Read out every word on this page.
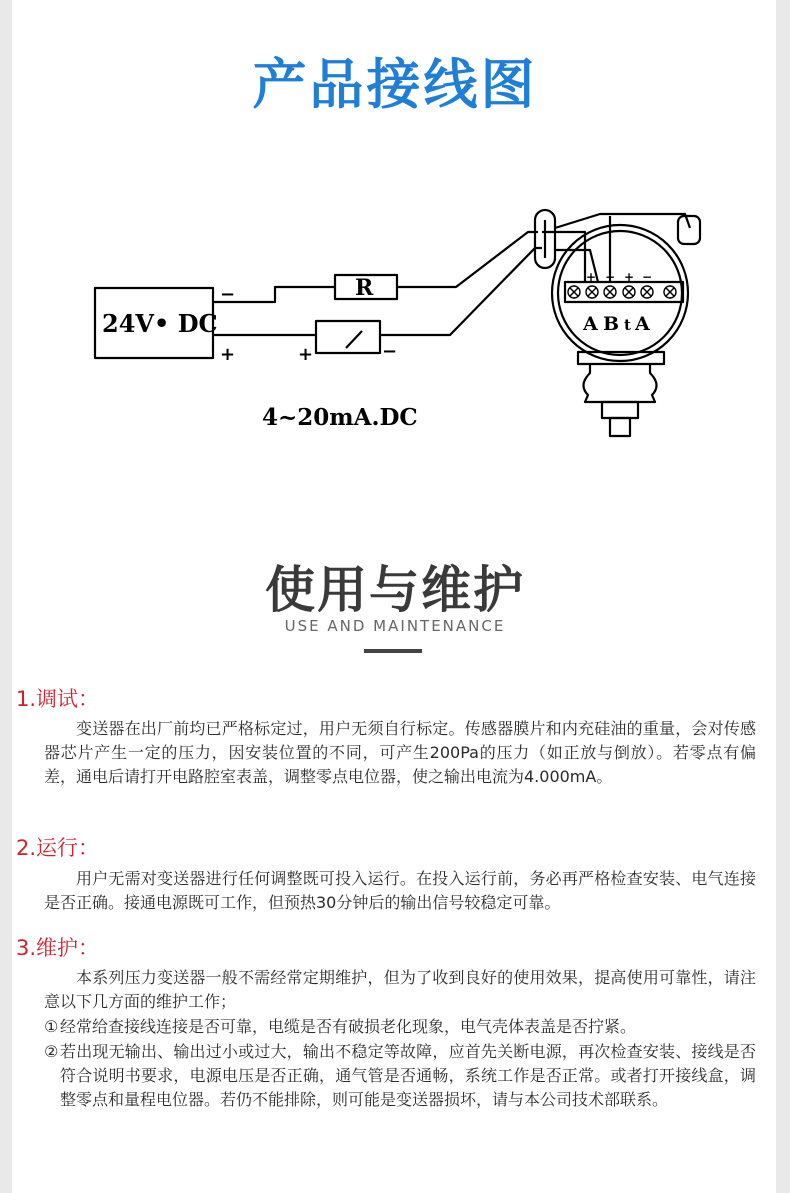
产品接线图
24V• DC
R
4~20mA.DC
−
+	+	−
+ − + −
A B t A
使用与维护
USE AND MAINTENANCE
1.调试：
变送器在出厂前均已严格标定过，用户无须自行标定。传感器膜片和内充硅油的重量，会对传感器芯片产生一定的压力，因安装位置的不同，可产生200Pa的压力（如正放与倒放）。若零点有偏差，通电后请打开电路腔室表盖，调整零点电位器，使之输出电流为4.000mA。
2.运行：
用户无需对变送器进行任何调整既可投入运行。在投入运行前，务必再严格检查安装、电气连接是否正确。接通电源既可工作，但预热30分钟后的输出信号较稳定可靠。
3.维护：
本系列压力变送器一般不需经常定期维护，但为了收到良好的使用效果，提高使用可靠性，请注意以下几方面的维护工作；
① 经常给查接线连接是否可靠，电缆是否有破损老化现象，电气壳体表盖是否拧紧。
② 若出现无输出、输出过小或过大，输出不稳定等故障，应首先关断电源，再次检查安装、接线是否符合说明书要求，电源电压是否正确，通气管是否通畅，系统工作是否正常。或者打开接线盒，调整零点和量程电位器。若仍不能排除，则可能是变送器损坏，请与本公司技术部联系。
